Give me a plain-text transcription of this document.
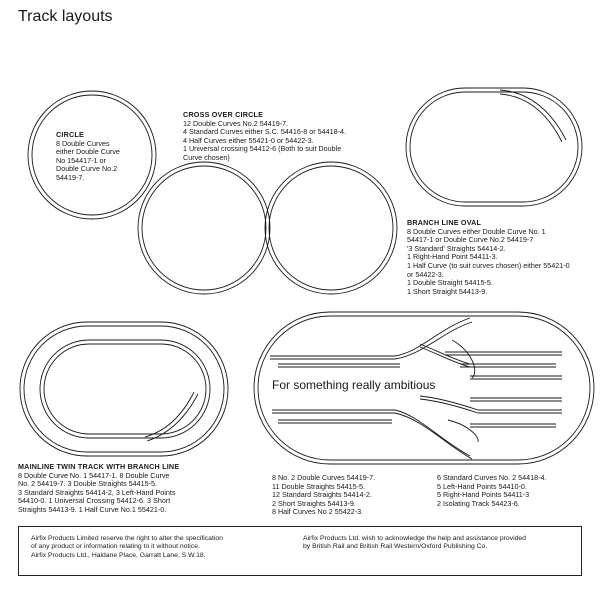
Track layouts
CIRCLE
8 Double Curves
either Double Curve
No 154417-1 or
Double Curve No.2
54419-7.
CROSS OVER CIRCLE
12 Double Curves No.2 54419-7.
4 Standard Curves either S.C. 54416-8 or 54418-4.
4 Half Curves either 55421-0 or 54422-3.
1 Universal crossing 54412-6 (Both to suit Double
Curve chosen)
BRANCH LINE OVAL
8 Double Curves either Double Curve No. 1
54417-1 or Double Curve No.2 54419-7
'3 Standard' Straights 54414-2.
1 Right-Hand Point 54411-3.
1 Half Curve (to suit curves chosen) either 55421-0
or 54422-3.
1 Double Straight 54415-5.
1 Short Straight 54413-9.
MAINLINE TWIN TRACK WITH BRANCH LINE
8 Double Curve No. 1 54417-1. 8 Double Curve
No. 2 54419-7. 3 Double Straights 54415-5.
3 Standard Straights 54414-2, 3 Left-Hand Points
54410-0. 1 Universal Crossing 54412-6. 3 Short
Straights 54413-9. 1 Half Curve No.1 55421-0.

For something really ambitious

8 No. 2 Double Curves 54419-7.
11 Double Straights 54415-5.
12 Standard Straights 54414-2.
2 Short Straights 54413-9.
8 Half Curves No 2 55422-3.
6 Standard Curves No. 2 54418-4.
5 Left-Hand Points 54410-0.
5 Right-Hand Points 54411-3
2 Isolating Track 54423-6.
Airfix Products Limited reserve the right to alter the specification
of any product or information relating to it without notice.
Airfix Products Ltd., Haldane Place, Garratt Lane, S.W.18.
Airfix Products Ltd. wish to acknowledge the help and assistance provided
by British Rail and British Rail Western/Oxford Publishing Co.
